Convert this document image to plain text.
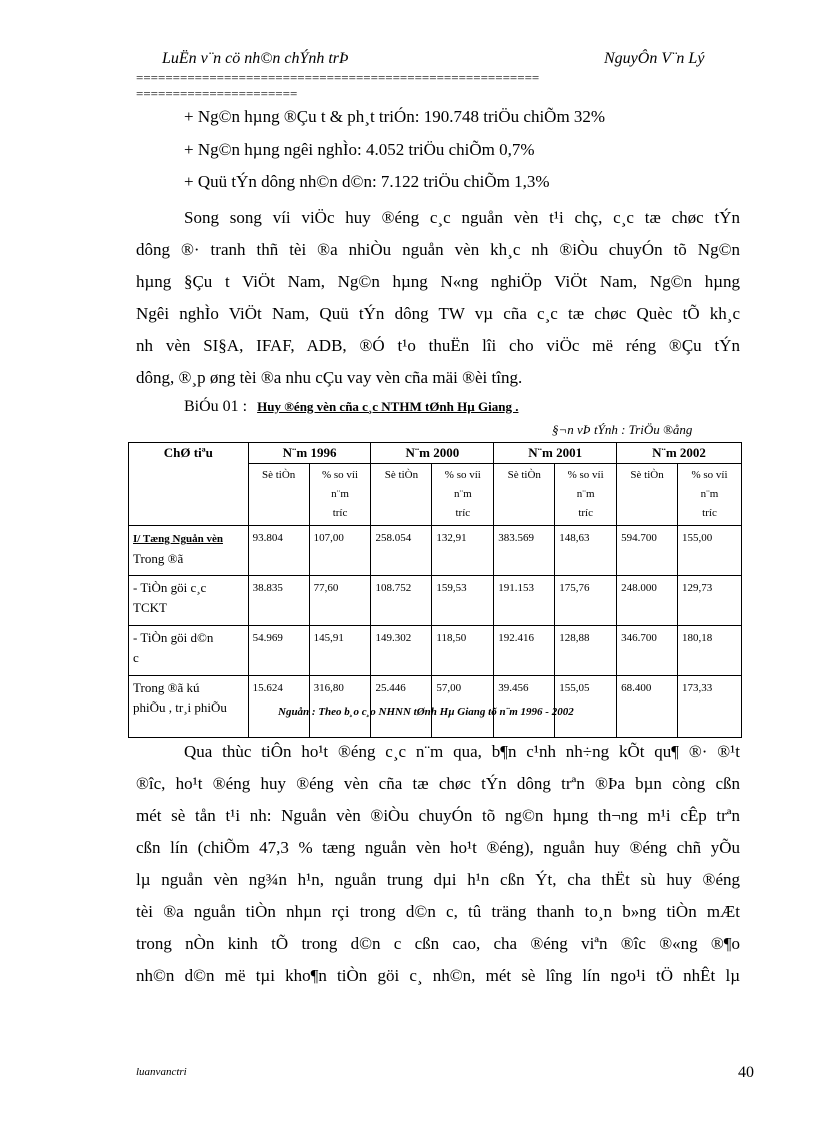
LuËn v¨n cö nh©n chÝnh trÞ	NguyÔn V¨n Lý
=======================================================
======================
+ Ng©n hµng ®Çu t & ph¸t triÓn: 190.748 triÖu chiÕm 32%
+ Ng©n hµng ngêi nghÌo: 4.052 triÖu chiÕm 0,7%
+ Quü tÝn dông nh©n d©n: 7.122 triÖu chiÕm 1,3%
Song song víi viÖc huy ®éng c¸c nguån vèn t¹i chç, c¸c tæ chøc tÝn
dông ®· tranh thñ tèi ®a nhiÒu nguån vèn kh¸c nh ®iÒu chuyÓn tõ Ng©n
hµng §Çu t ViÖt Nam, Ng©n hµng N«ng nghiÖp ViÖt Nam, Ng©n hµng
Ngêi nghÌo ViÖt Nam, Quü tÝn dông TW vµ cña c¸c tæ chøc Quèc tÕ kh¸c
nh vèn SI§A, IFAF, ADB, ®Ó t¹o thuËn lîi cho viÖc më réng ®Çu tÝn
dông, ®¸p øng tèi ®a nhu cÇu vay vèn cña mäi ®èi tîng.
BiÓu 01 : Huy ®éng vèn cña c¸c NTHM tØnh Hµ Giang .
§¬n vÞ tÝnh : TriÖu ®ång
ChØ tiªu	N¨m 1996		N¨m 2000		N¨m 2001		N¨m 2002	
	Sè tiÒn	% so víi
n¨m
tríc	Sè tiÒn	% so víi
n¨m
tríc	Sè tiÒn	% so víi
n¨m
tríc	Sè tiÒn	% so víi
n¨m
tríc
I/ Tæng Nguån vèn
Trong ®ã	93.804	107,00	258.054	132,91	383.569	148,63	594.700	155,00
- TiÒn göi c¸c
TCKT	38.835	77,60	108.752	159,53	191.153	175,76	248.000	129,73
- TiÒn göi d©n
c	54.969	145,91	149.302	118,50	192.416	128,88	346.700	180,18
Trong ®ã kú
phiÕu , tr¸i phiÕu	15.624	316,80	25.446	57,00	39.456	155,05	68.400	173,33
Nguån : Theo b¸o c¸o NHNN tØnh Hµ Giang tõ n¨m 1996 - 2002
Qua thùc tiÔn ho¹t ®éng c¸c n¨m qua, b¶n c¹nh nh÷ng kÕt qu¶ ®· ®¹t
®îc, ho¹t ®éng huy ®éng vèn cña tæ chøc tÝn dông trªn ®Þa bµn còng cßn
mét sè tån t¹i nh: Nguån vèn ®iÒu chuyÓn tõ ng©n hµng th¬ng m¹i cÊp trªn
cßn lín (chiÕm 47,3 % tæng nguån vèn ho¹t ®éng), nguån huy ®éng chñ yÕu
lµ nguån vèn ng¾n h¹n, nguån trung dµi h¹n cßn Ýt, cha thËt sù huy ®éng
tèi ®a nguån tiÒn nhµn rçi trong d©n c, tû träng thanh to¸n b»ng tiÒn mÆt
trong nÒn kinh tÕ trong d©n c cßn cao, cha ®éng viªn ®îc ®«ng ®¶o
nh©n d©n më tµi kho¶n tiÒn göi c¸ nh©n, mét sè lîng lín ngo¹i tÖ nhÊt lµ
luanvanctri	40
